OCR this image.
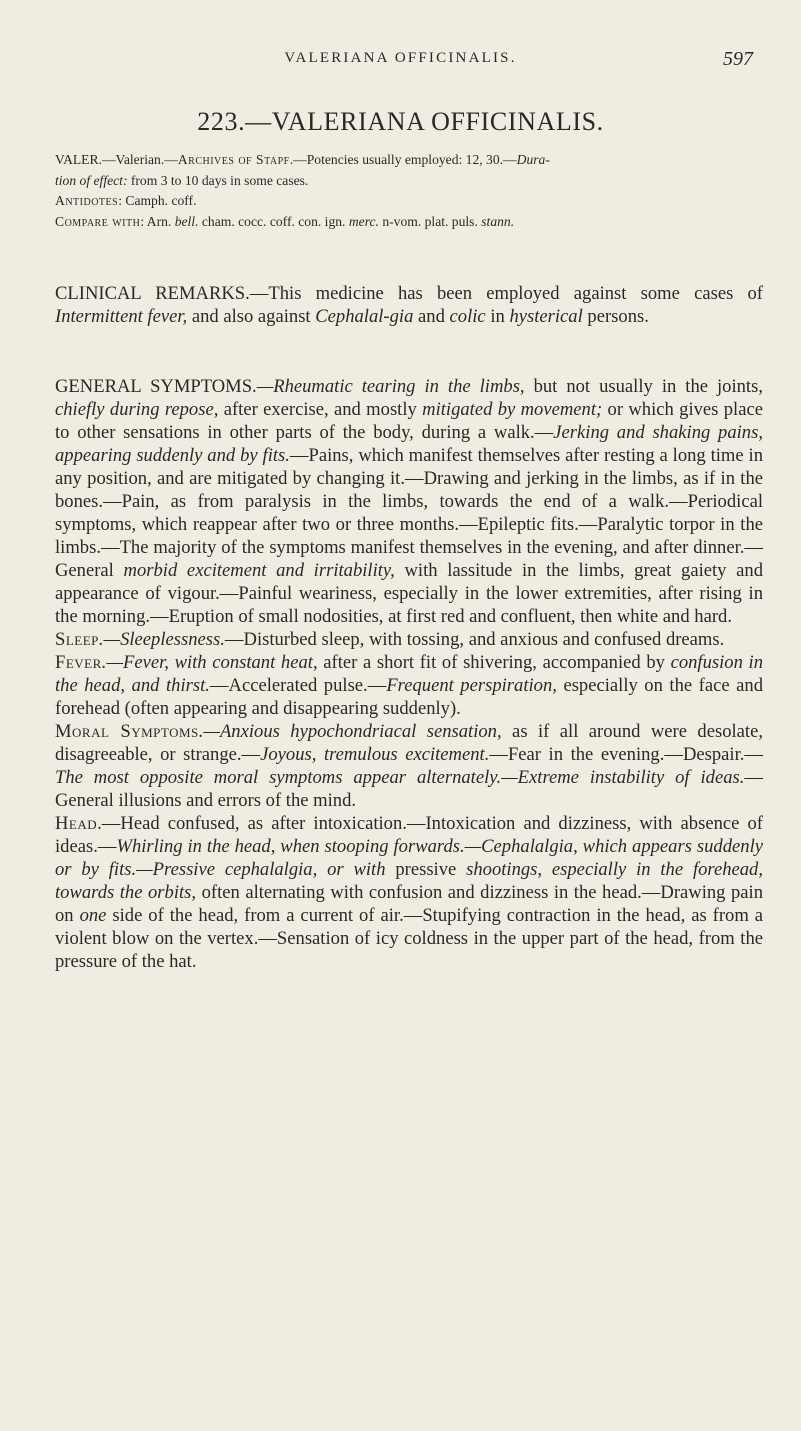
VALERIANA OFFICINALIS.	597
223.—VALERIANA OFFICINALIS.
VALER.—Valerian.—Archives of Stapf.—Potencies usually employed: 12, 30.—Dura-
tion of effect: from 3 to 10 days in some cases.
Antidotes: Camph. coff.
Compare with: Arn. bell. cham. cocc. coff. con. ign. merc. n-vom. plat. puls. stann.
CLINICAL REMARKS.—This medicine has been employed against some cases of Intermittent fever, and also against Cephalal-gia and colic in hysterical persons.
GENERAL SYMPTOMS.—Rheumatic tearing in the limbs, but not usually in the joints, chiefly during repose, after exercise, and mostly mitigated by movement; or which gives place to other sensations in other parts of the body, during a walk.—Jerking and shaking pains, appearing suddenly and by fits.—Pains, which manifest themselves after resting a long time in any position, and are mitigated by changing it.—Drawing and jerking in the limbs, as if in the bones.—Pain, as from paralysis in the limbs, towards the end of a walk.—Periodical symptoms, which reappear after two or three months.—Epileptic fits.—Paralytic torpor in the limbs.—The majority of the symptoms manifest themselves in the evening, and after dinner.—General morbid excitement and irritability, with lassitude in the limbs, great gaiety and appearance of vigour.—Painful weariness, especially in the lower extremities, after rising in the morning.—Eruption of small nodosities, at first red and confluent, then white and hard.
Sleep.—Sleeplessness.—Disturbed sleep, with tossing, and anxious and confused dreams.
Fever.—Fever, with constant heat, after a short fit of shivering, accompanied by confusion in the head, and thirst.—Accelerated pulse.—Frequent perspiration, especially on the face and forehead (often appearing and disappearing suddenly).
Moral Symptoms.—Anxious hypochondriacal sensation, as if all around were desolate, disagreeable, or strange.—Joyous, tremulous excitement.—Fear in the evening.—Despair.—The most opposite moral symptoms appear alternately.—Extreme instability of ideas.—General illusions and errors of the mind.
Head.—Head confused, as after intoxication.—Intoxication and dizziness, with absence of ideas.—Whirling in the head, when stooping forwards.—Cephalalgia, which appears suddenly or by fits.—Pressive cephalalgia, or with pressive shootings, especially in the forehead, towards the orbits, often alternating with confusion and dizziness in the head.—Drawing pain on one side of the head, from a current of air.—Stupifying contraction in the head, as from a violent blow on the vertex.—Sensation of icy coldness in the upper part of the head, from the pressure of the hat.
